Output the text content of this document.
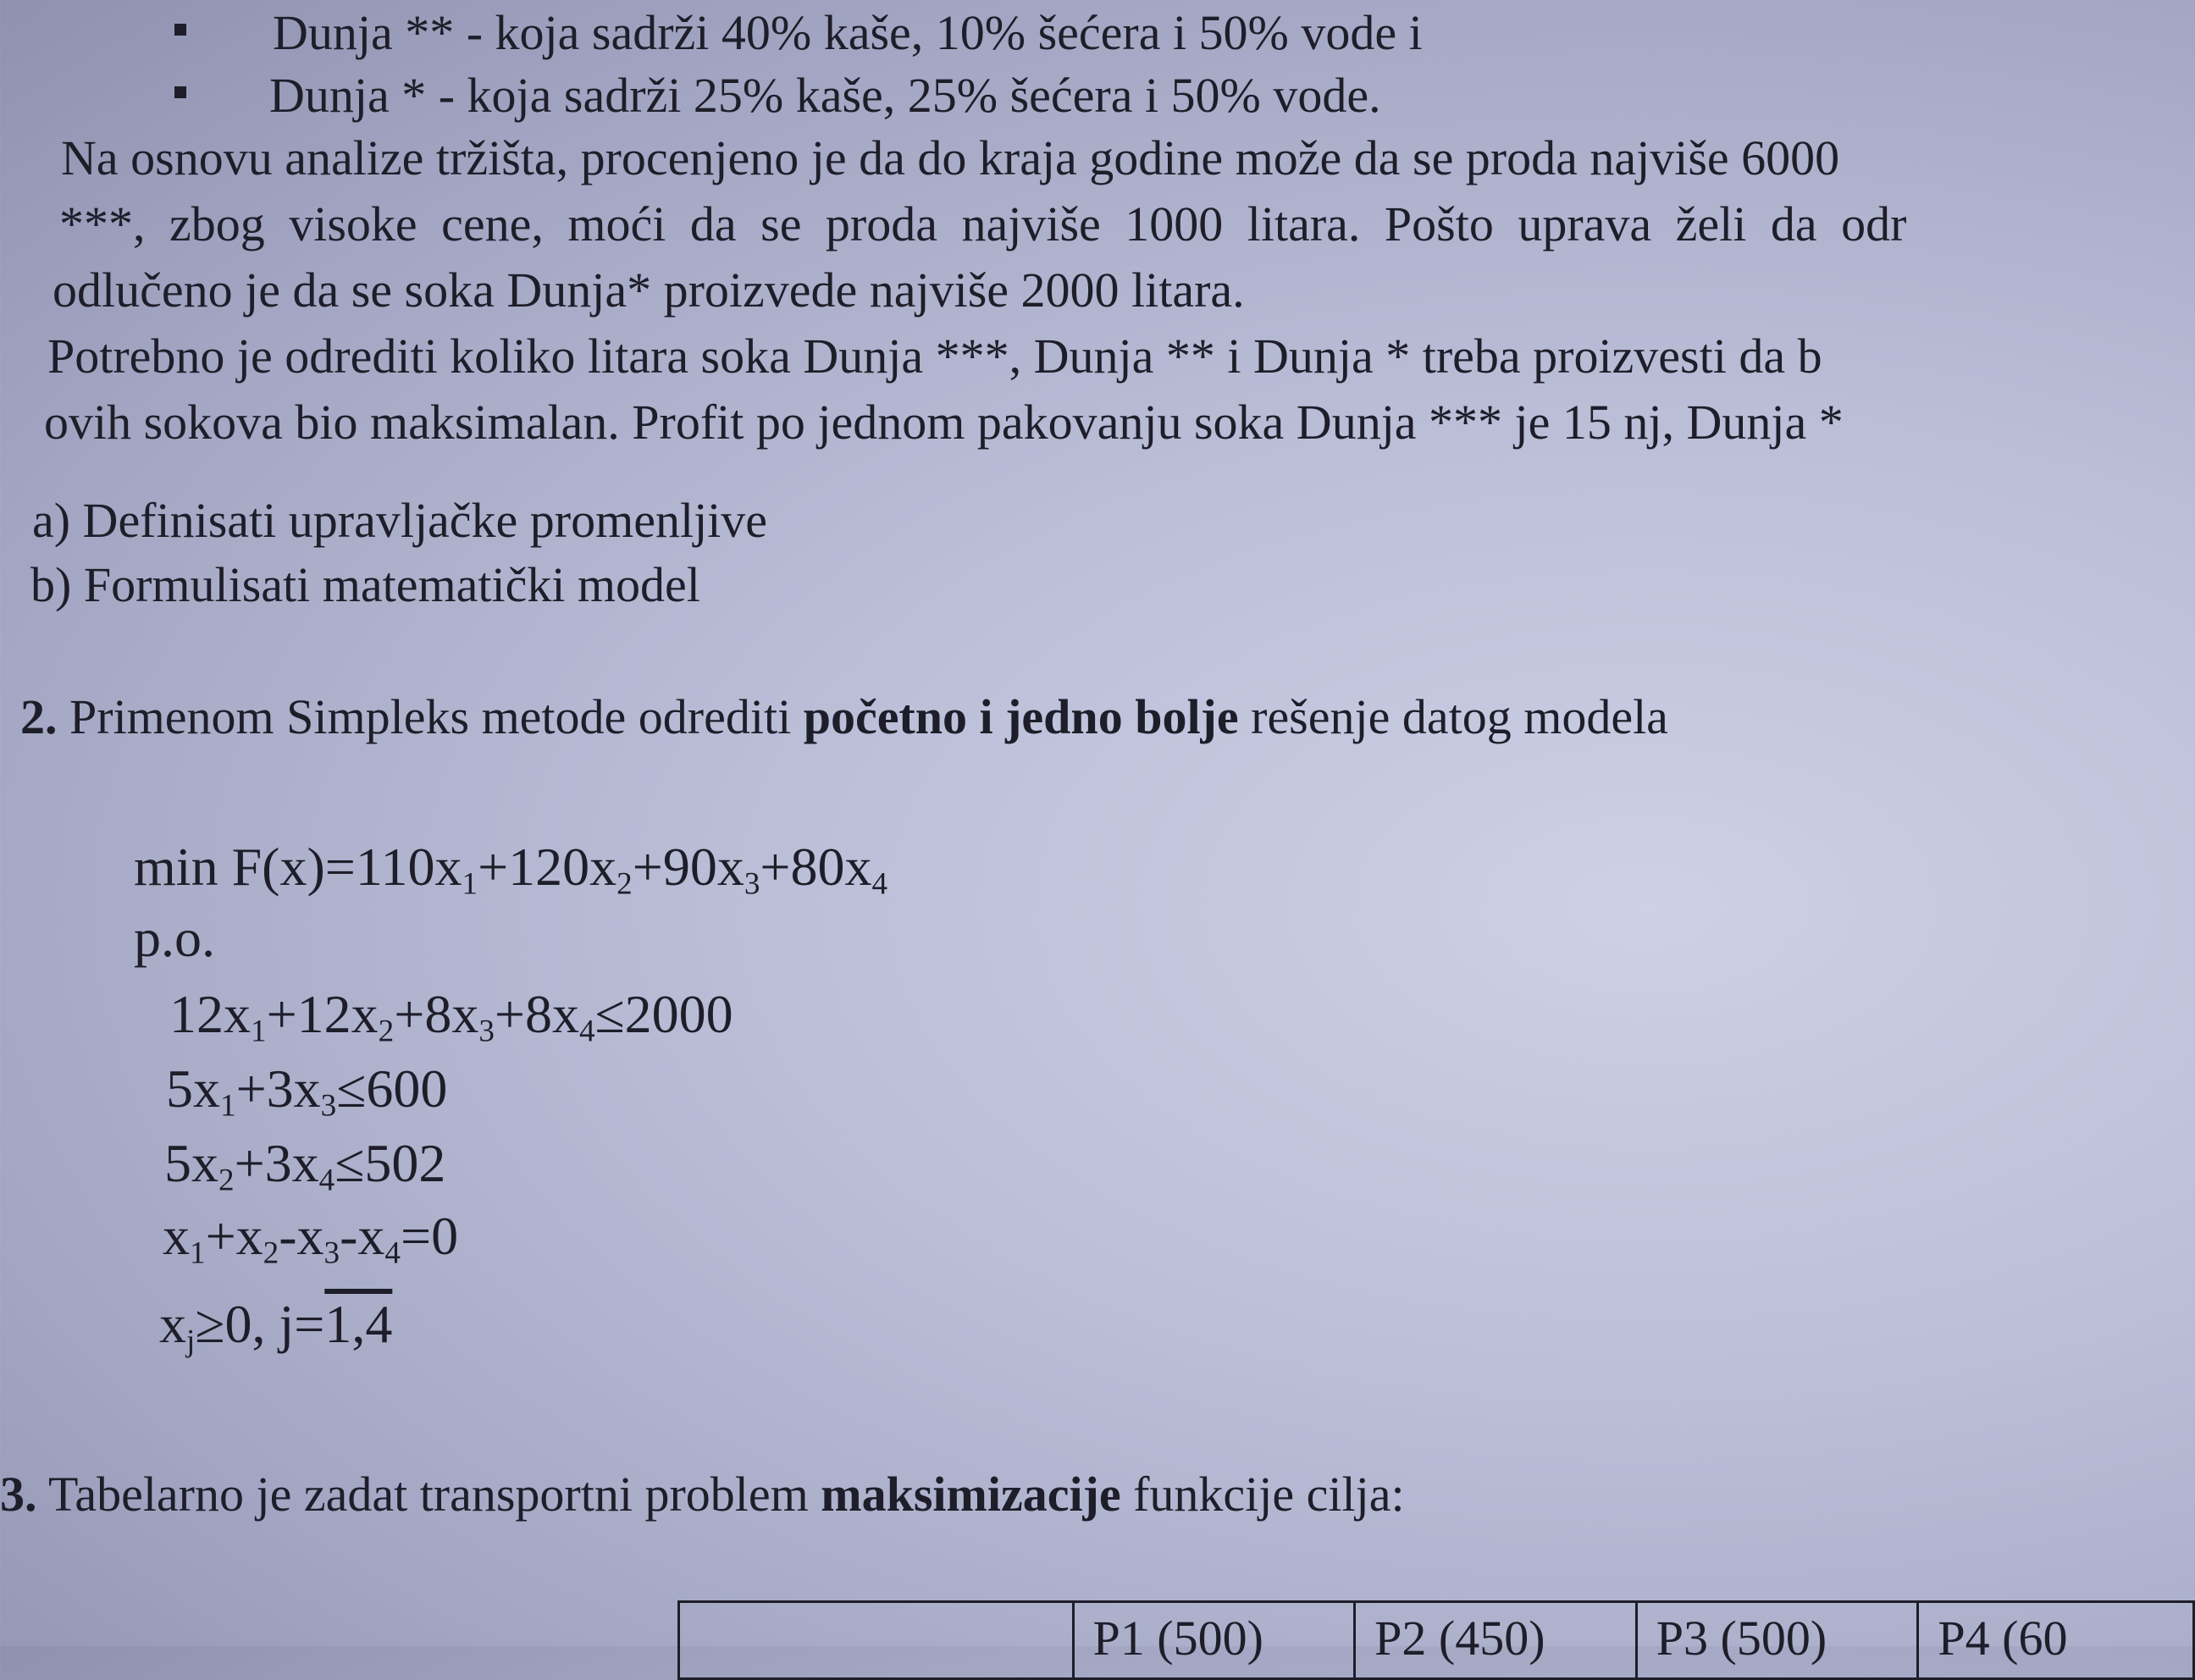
Dunja ** - koja sadrži 40% kaše, 10% šećera i 50% vode i
Dunja * - koja sadrži 25% kaše, 25% šećera i 50% vode.
Na osnovu analize tržišta, procenjeno je da do kraja godine može da se proda najviše 6000
***, zbog visoke cene, moći da se proda najviše 1000 litara. Pošto uprava želi da odr
odlučeno je da se soka Dunja* proizvede najviše 2000 litara.
Potrebno je odrediti koliko litara soka Dunja ***, Dunja ** i Dunja * treba proizvesti da b
ovih sokova bio maksimalan. Profit po jednom pakovanju soka Dunja *** je 15 nj, Dunja *
a) Definisati upravljačke promenljive
b) Formulisati matematički model
2. Primenom Simpleks metode odrediti početno i jedno bolje rešenje datog modela
$\min F(x)=110x_1+120x_2+90x_3+80x_4$
p.o.
$12x_1+12x_2+8x_3+8x_4\le 2000$
$5x_1+3x_3\le 600$
$5x_2+3x_4\le 502$
$x_1+x_2-x_3-x_4=0$
$x_j\ge 0$, j=1,4
3. Tabelarno je zadat transportni problem maksimizacije funkcije cilja:
	P1 (500)	P2 (450)	P3 (500)	P4 (60
